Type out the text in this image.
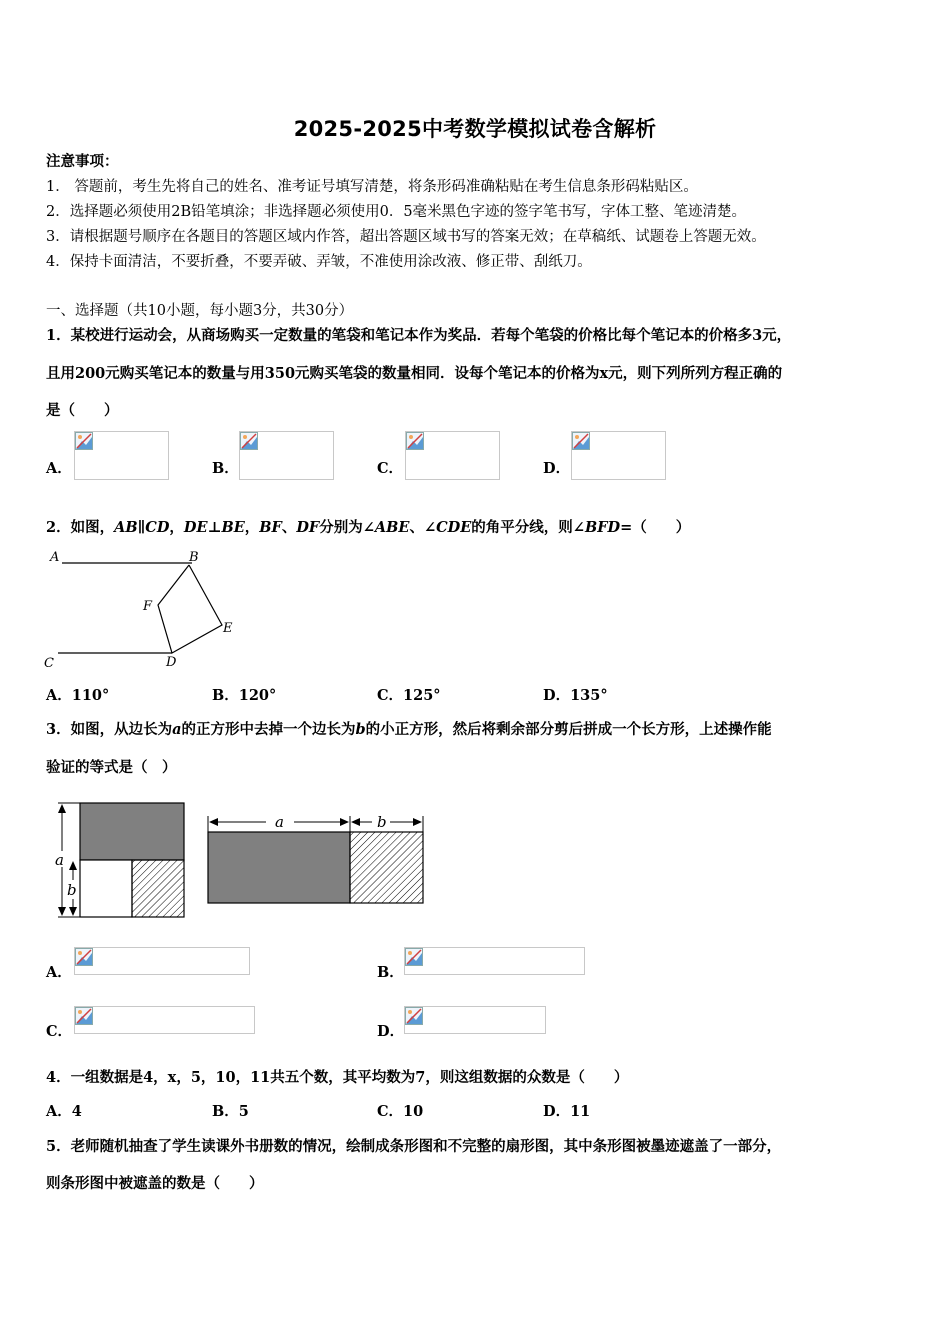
2025-2025中考数学模拟试卷含解析
注意事项：
1． 答题前，考生先将自己的姓名、准考证号填写清楚，将条形码准确粘贴在考生信息条形码粘贴区。
2．选择题必须使用2B铅笔填涂；非选择题必须使用0．5毫米黑色字迹的签字笔书写，字体工整、笔迹清楚。
3．请根据题号顺序在各题目的答题区域内作答，超出答题区域书写的答案无效；在草稿纸、试题卷上答题无效。
4．保持卡面清洁，不要折叠，不要弄破、弄皱，不准使用涂改液、修正带、刮纸刀。
一、选择题（共10小题，每小题3分，共30分）
1．某校进行运动会，从商场购买一定数量的笔袋和笔记本作为奖品．若每个笔袋的价格比每个笔记本的价格多3元，
且用200元购买笔记本的数量与用350元购买笔袋的数量相同．设每个笔记本的价格为x元，则下列所列方程正确的
是（　　）
A．	B．	C．	D．
2．如图，AB∥CD，DE⊥BE，BF、DF分别为∠ABE、∠CDE的角平分线，则∠BFD=（　　）
A	B
C	D
E
F
A．110°	B．120°	C．125°	D．135°
3．如图，从边长为a的正方形中去掉一个边长为b的小正方形，然后将剩余部分剪后拼成一个长方形，上述操作能
验证的等式是（　）
a
b
a	b
A．	B．
C．	D．
4．一组数据是4，x，5，10，11共五个数，其平均数为7，则这组数据的众数是（　　）
A．4	B．5	C．10	D．11
5．老师随机抽查了学生读课外书册数的情况，绘制成条形图和不完整的扇形图，其中条形图被墨迹遮盖了一部分，
则条形图中被遮盖的数是（　　）
